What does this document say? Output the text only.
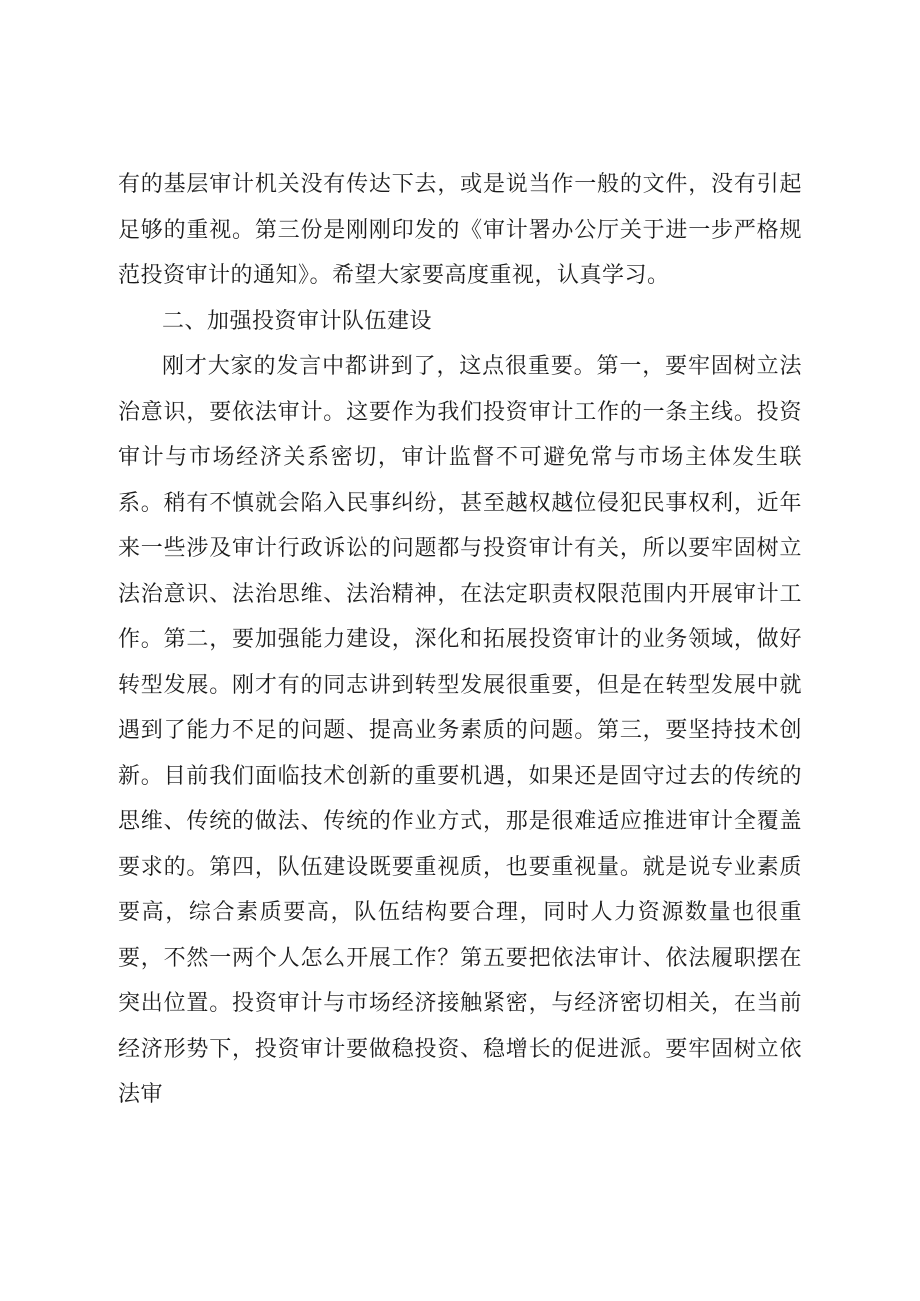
有的基层审计机关没有传达下去，或是说当作一般的文件，没有引起足够的重视。第三份是刚刚印发的《审计署办公厅关于进一步严格规范投资审计的通知》。希望大家要高度重视，认真学习。

二、加强投资审计队伍建设

刚才大家的发言中都讲到了，这点很重要。第一，要牢固树立法治意识，要依法审计。这要作为我们投资审计工作的一条主线。投资审计与市场经济关系密切，审计监督不可避免常与市场主体发生联系。稍有不慎就会陷入民事纠纷，甚至越权越位侵犯民事权利，近年来一些涉及审计行政诉讼的问题都与投资审计有关，所以要牢固树立法治意识、法治思维、法治精神，在法定职责权限范围内开展审计工作。第二，要加强能力建设，深化和拓展投资审计的业务领域，做好转型发展。刚才有的同志讲到转型发展很重要，但是在转型发展中就遇到了能力不足的问题、提高业务素质的问题。第三，要坚持技术创新。目前我们面临技术创新的重要机遇，如果还是固守过去的传统的思维、传统的做法、传统的作业方式，那是很难适应推进审计全覆盖要求的。第四，队伍建设既要重视质，也要重视量。就是说专业素质要高，综合素质要高，队伍结构要合理，同时人力资源数量也很重要，不然一两个人怎么开展工作？第五要把依法审计、依法履职摆在突出位置。投资审计与市场经济接触紧密，与经济密切相关，在当前经济形势下，投资审计要做稳投资、稳增长的促进派。要牢固树立依法审
